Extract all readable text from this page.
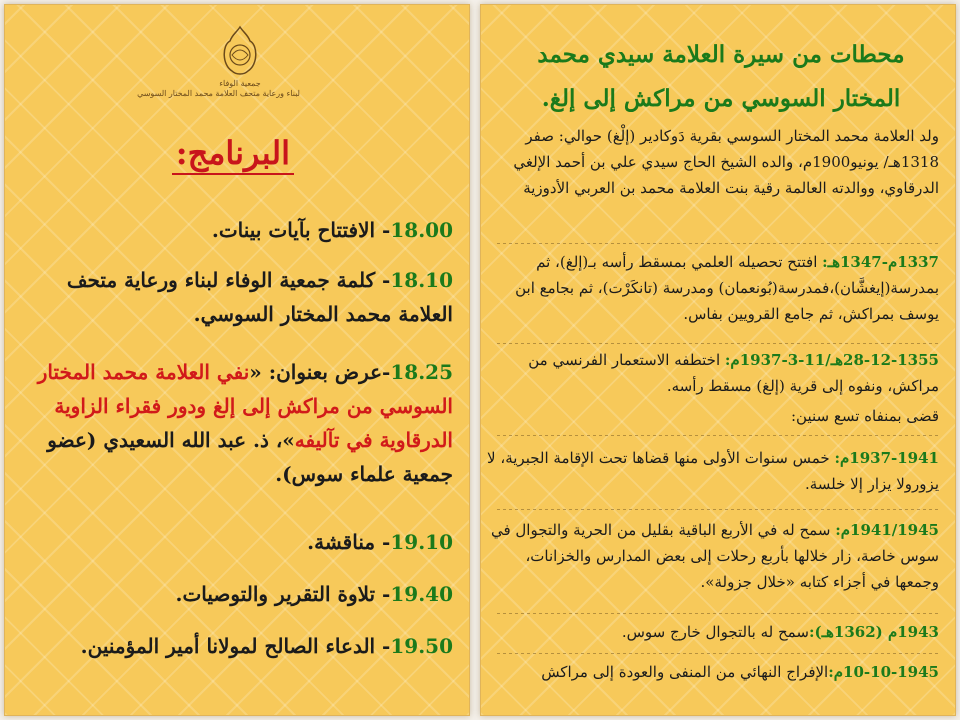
جمعية الوفاء
لبناء ورعاية متحف العلامة محمد المختار السوسي
البرنامج:
18.00- الافتتاح بآيات بينات.
18.10- كلمة جمعية الوفاء لبناء ورعاية متحف العلامة محمد المختار السوسي.
18.25-عرض بعنوان: «نفي العلامة محمد المختار السوسي من مراكش إلى إلغ ودور فقراء الزاوية الدرقاوية في تآليفه»، ذ. عبد الله السعيدي (عضو جمعية علماء سوس).
19.10- مناقشة.
19.40- تلاوة التقرير والتوصيات.
19.50- الدعاء الصالح لمولانا أمير المؤمنين.
محطات من سيرة العلامة سيدي محمد
المختار السوسي من مراكش إلى إلغ.
ولد العلامة محمد المختار السوسي بقرية دَوكادير (إلْغ) حوالي: صفر 1318هـ/ يونيو1900م، والده الشيخ الحاج سيدي علي بن أحمد الإلغي الدرقاوي، ووالدته العالمة رقية بنت العلامة محمد بن العربي الأدوزية
1337م-1347هـ: افتتح تحصيله العلمي بمسقط رأسه بـ(إلغ)، ثم بمدرسة(إيغشَّان)،فمدرسة(بُونعمان) ومدرسة (تانكَرْت)، ثم بجامع ابن يوسف بمراكش، ثم جامع القرويين بفاس.
28-12-1355هـ/11-3-1937م: اختطفه الاستعمار الفرنسي من مراكش، ونفوه إلى قرية (إلغ) مسقط رأسه.
قضى بمنفاه تسع سنين:
1937-1941م: خمس سنوات الأولى منها قضاها تحت الإقامة الجبرية، لا يزورولا يزار إلا خلسة.
1941/1945م: سمح له في الأربع الباقية بقليل من الحرية والتجوال في سوس خاصة، زار خلالها بأربع رحلات إلى بعض المدارس والخزانات، وجمعها في أجزاء كتابه «خلال جزولة».
1943م (1362هـ):سمح له بالتجوال خارج سوس.
10-10-1945م:الإفراج النهائي من المنفى والعودة إلى مراكش
